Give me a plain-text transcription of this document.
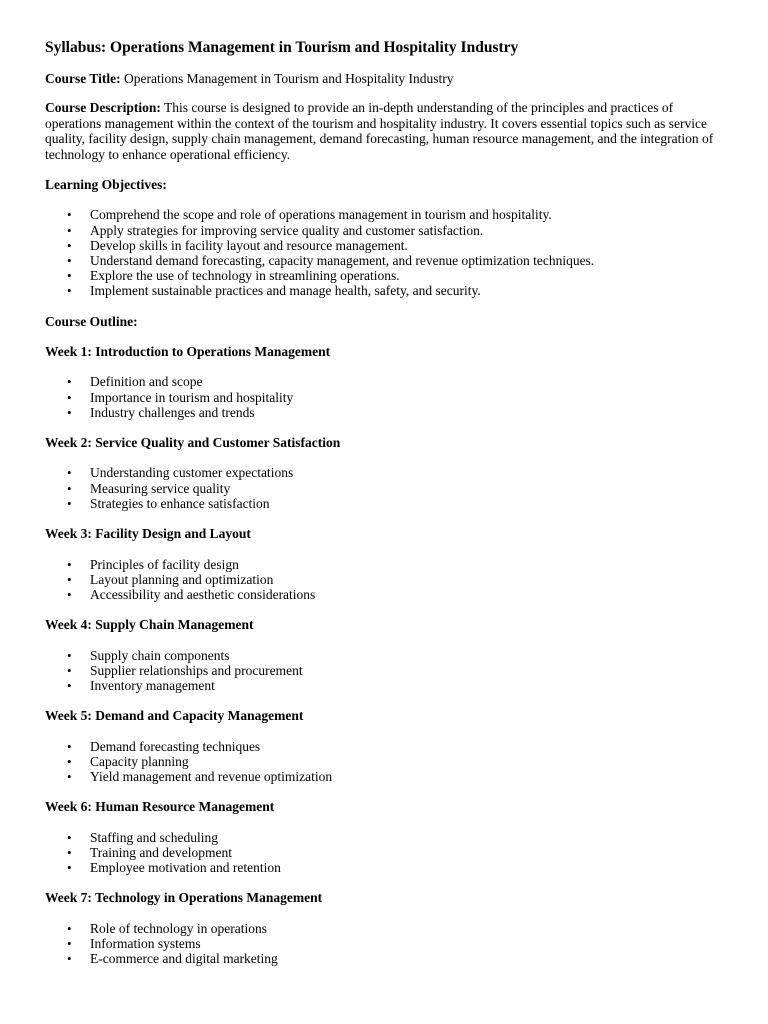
Syllabus: Operations Management in Tourism and Hospitality Industry

Course Title: Operations Management in Tourism and Hospitality Industry

Course Description: This course is designed to provide an in-depth understanding of the principles and practices of operations management within the context of the tourism and hospitality industry. It covers essential topics such as service quality, facility design, supply chain management, demand forecasting, human resource management, and the integration of technology to enhance operational efficiency.

Learning Objectives:

• Comprehend the scope and role of operations management in tourism and hospitality.
• Apply strategies for improving service quality and customer satisfaction.
• Develop skills in facility layout and resource management.
• Understand demand forecasting, capacity management, and revenue optimization techniques.
• Explore the use of technology in streamlining operations.
• Implement sustainable practices and manage health, safety, and security.

Course Outline:

Week 1: Introduction to Operations Management

• Definition and scope
• Importance in tourism and hospitality
• Industry challenges and trends

Week 2: Service Quality and Customer Satisfaction

• Understanding customer expectations
• Measuring service quality
• Strategies to enhance satisfaction

Week 3: Facility Design and Layout

• Principles of facility design
• Layout planning and optimization
• Accessibility and aesthetic considerations

Week 4: Supply Chain Management

• Supply chain components
• Supplier relationships and procurement
• Inventory management

Week 5: Demand and Capacity Management

• Demand forecasting techniques
• Capacity planning
• Yield management and revenue optimization

Week 6: Human Resource Management

• Staffing and scheduling
• Training and development
• Employee motivation and retention

Week 7: Technology in Operations Management

• Role of technology in operations
• Information systems
• E-commerce and digital marketing
